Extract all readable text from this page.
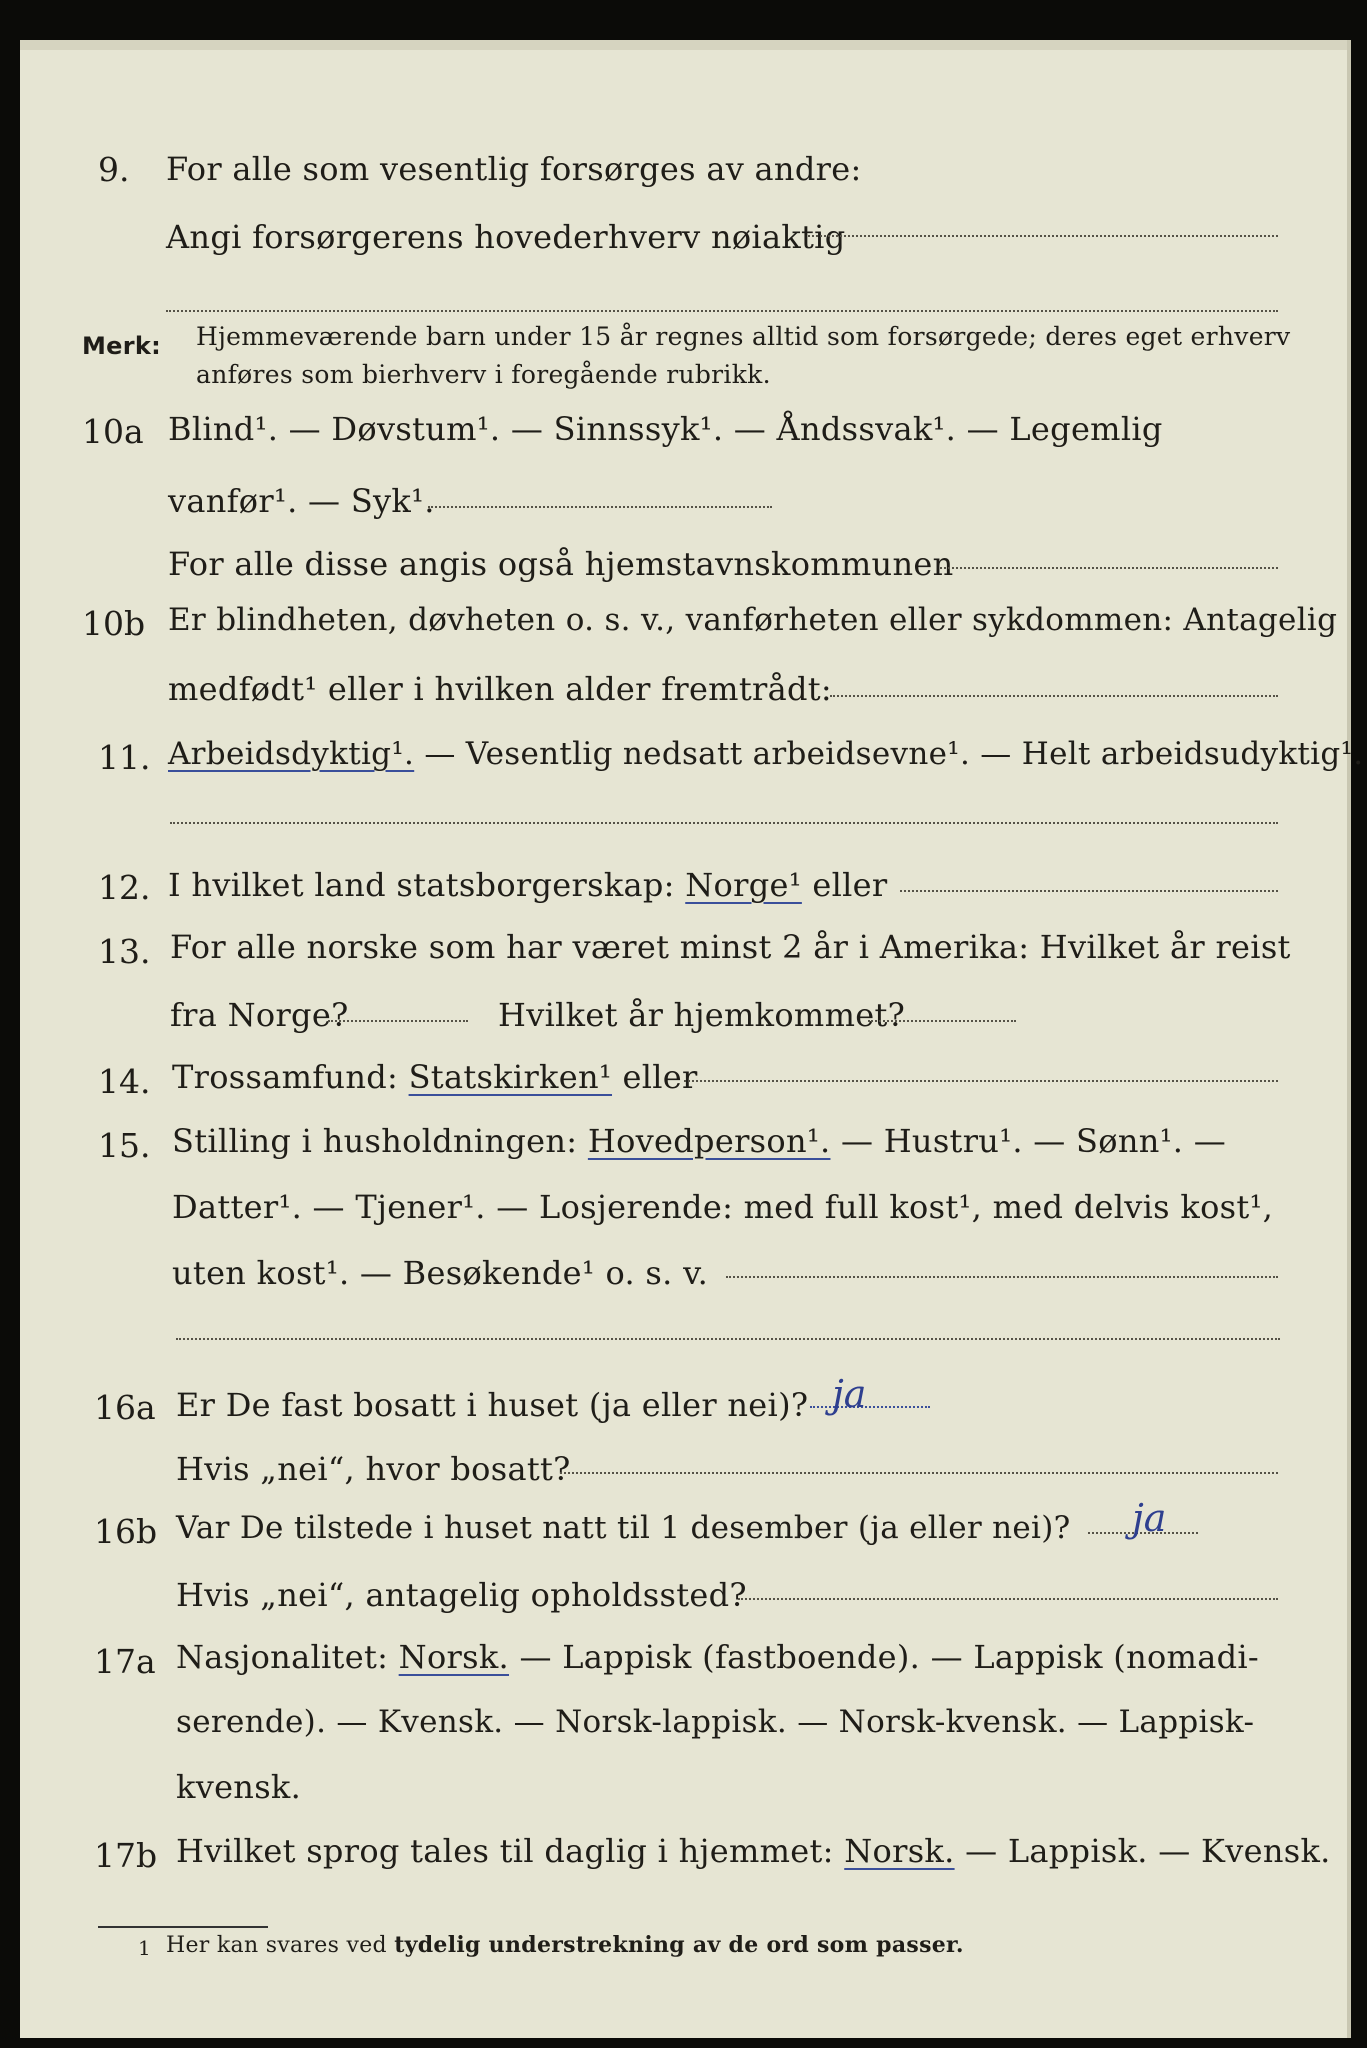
9. For alle som vesentlig forsørges av andre:
Angi forsørgerens hovederhverv nøiaktig
Merk: Hjemmeværende barn under 15 år regnes alltid som forsørgede; deres eget erhverv
anføres som bierhverv i foregående rubrikk.
10a Blind¹. — Døvstum¹. — Sinnssyk¹. — Åndssvak¹. — Legemlig
vanfør¹. — Syk¹.
For alle disse angis også hjemstavnskommunen
10b Er blindheten, døvheten o. s. v., vanførheten eller sykdommen: Antagelig
medfødt¹ eller i hvilken alder fremtrådt:
11. Arbeidsdyktig¹. — Vesentlig nedsatt arbeidsevne¹. — Helt arbeidsudyktig¹.
12. I hvilket land statsborgerskap: Norge¹ eller
13. For alle norske som har været minst 2 år i Amerika: Hvilket år reist
fra Norge?	Hvilket år hjemkommet?
14. Trossamfund: Statskirken¹ eller
15. Stilling i husholdningen: Hovedperson¹. — Hustru¹. — Sønn¹. —
Datter¹. — Tjener¹. — Losjerende: med full kost¹, med delvis kost¹,
uten kost¹. — Besøkende¹ o. s. v.
16a Er De fast bosatt i huset (ja eller nei)? ja
Hvis „nei“, hvor bosatt?
16b Var De tilstede i huset natt til 1 desember (ja eller nei)? ja
Hvis „nei“, antagelig opholdssted?
17a Nasjonalitet: Norsk. — Lappisk (fastboende). — Lappisk (nomadi-
serende). — Kvensk. — Norsk-lappisk. — Norsk-kvensk. — Lappisk-
kvensk.
17b Hvilket sprog tales til daglig i hjemmet: Norsk. — Lappisk. — Kvensk.
1 Her kan svares ved tydelig understrekning av de ord som passer.
